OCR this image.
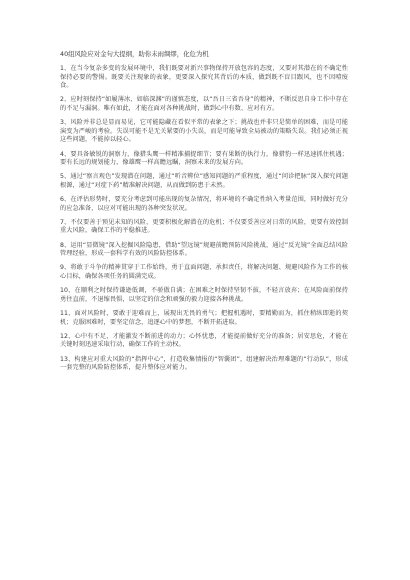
40组风险应对金句大提纲，助你未雨绸缪，化危为机

1、在当今复杂多变的发展环境中，我们既要对新兴事物保持开放包容的态度，又要对其潜在的不确定性保持必要的警惕。既要关注现象的表象，更要深入探究其背后的本质，做到既不盲目跟风，也不因噎废食。

2、应时刻保持“如履薄冰、如临深渊”的谨慎态度，以“吾日三省吾身”的精神，不断反思自身工作中存在的不足与漏洞。唯有如此，才能在面对各种挑战时，做到心中有数、应对有方。

3、风险并非总是显而易见，它可能隐藏在看似平常的表象之下；挑战也并非只是简单的困难，而是可能演变为严峻的考验。失误可能不是无关紧要的小失误，而是可能导致全局被动的策略失误。我们必须正视这些问题，不能掉以轻心。

4、要具备敏锐的洞察力，像猎头鹰一样精准捕捉细节；要有果断的执行力，像猎豹一样迅速抓住机遇；要有长远的规划能力，像雄鹰一样高瞻远瞩，洞察未来的发展方向。

5、通过“察言观色”发现潜在问题，通过“听音辨位”感知问题的严重程度，通过“问诊把脉”深入探究问题根源，通过“对症下药”精准解决问题，从而做到防患于未然。

6、在评估形势时，要充分考虑到可能出现的复杂情况，将环境的不确定性纳入考量范围，同时做好充分的应急准备，以应对可能出现的各种突发状况。

7、不仅要善于预见未知的风险，更要积极化解潜在的危机；不仅要妥善应对日常的风险，更要有效控制重大风险，确保工作的平稳推进。

8、运用“显微镜”深入挖掘风险隐患，借助“望远镜”规避前瞻预防风险挑战，通过“反光镜”全面总结风险管理经验，形成一套科学有效的风险防控体系。

9、将敢于斗争的精神贯穿于工作始终，勇于直面问题，承担责任，将解决问题、规避风险作为工作的核心目标，确保各项任务的圆满完成。

10、在顺利之时保持谦逊低调，不骄傲自满；在困难之时保持坚韧不拔，不轻言放弃；在风险面前保持勇往直前，不退缩畏惧，以坚定的信念和顽强的毅力迎接各种挑战。

11、面对风险时，要敢于迎难而上，展现出无畏的勇气；把握机遇时，要精勤而为，抓住稍纵即逝的契机；克服困难时，要坚定信念，追逐心中的梦想，不断开拓进取。

12、心中有不足，才能激发不断前进的动力；心怀忧患，才能提前做好充分的准备；居安思危，才能在关键时刻迅速采取行动，确保工作的主动权。

13、构建应对重大风险的“指挥中心”，打造收集情报的“智囊团”，组建解决治理难题的“行动队”，形成一套完整的风险防控体系，提升整体应对能力。
